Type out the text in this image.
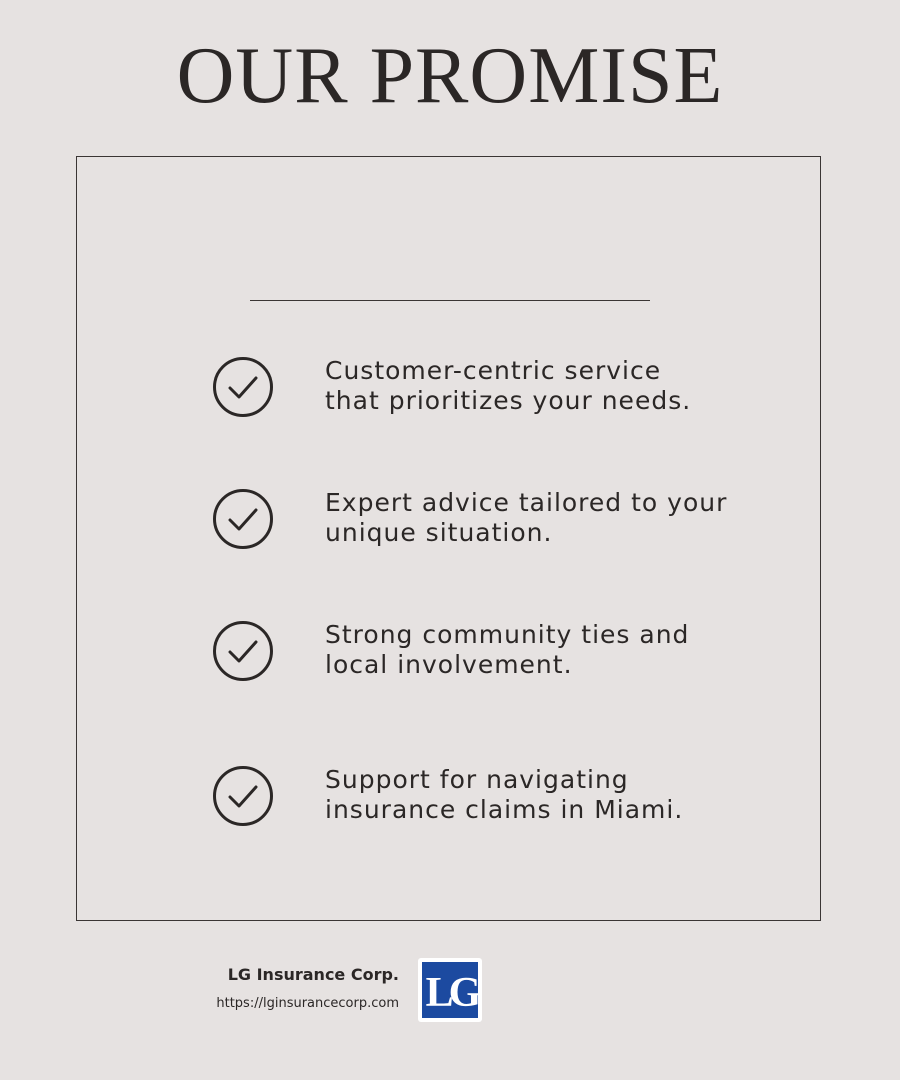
OUR PROMISE
Customer-centric service
that prioritizes your needs.
Expert advice tailored to your
unique situation.
Strong community ties and
local involvement.
Support for navigating
insurance claims in Miami.
LG Insurance Corp.
https://lginsurancecorp.com LG
